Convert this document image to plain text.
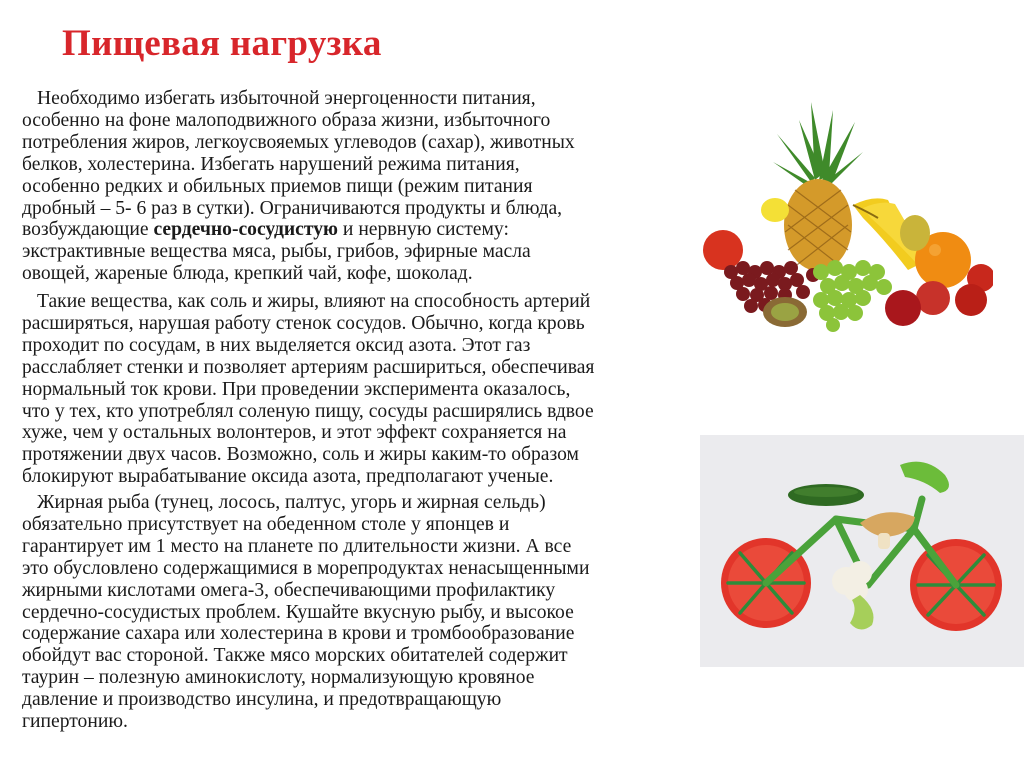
Пищевая нагрузка

Необходимо избегать избыточной энергоценности питания,
особенно на фоне малоподвижного образа жизни, избыточного
потребления жиров, легкоусвояемых углеводов (сахар), животных
белков, холестерина. Избегать нарушений режима питания,
особенно редких и обильных приемов пищи (режим питания
дробный – 5- 6 раз в сутки). Ограничиваются продукты и блюда,
возбуждающие сердечно-сосудистую и нервную систему:
экстрактивные вещества мяса, рыбы, грибов, эфирные масла
овощей, жареные блюда, крепкий чай, кофе, шоколад.

Такие вещества, как соль и жиры, влияют на способность артерий
расширяться, нарушая работу стенок сосудов. Обычно, когда кровь
проходит по сосудам, в них выделяется оксид азота. Этот газ
расслабляет стенки и позволяет артериям расшириться, обеспечивая
нормальный ток крови. При проведении эксперимента оказалось,
что у тех, кто употреблял соленую пищу, сосуды расширялись вдвое
хуже, чем у остальных волонтеров, и этот эффект сохраняется на
протяжении двух часов. Возможно, соль и жиры каким-то образом
блокируют вырабатывание оксида азота, предполагают ученые.

Жирная рыба (тунец, лосось, палтус, угорь и жирная сельдь)
обязательно присутствует на обеденном столе у японцев и
гарантирует им 1 место на планете по длительности жизни. А все
это обусловлено содержащимися в морепродуктах ненасыщенными
жирными кислотами омега-3, обеспечивающими профилактику
сердечно-сосудистых проблем. Кушайте вкусную рыбу, и высокое
содержание сахара или холестерина в крови и тромбообразование
обойдут вас стороной. Также мясо морских обитателей содержит
таурин – полезную аминокислоту, нормализующую кровяное
давление и производство инсулина, и предотвращающую
гипертонию.
